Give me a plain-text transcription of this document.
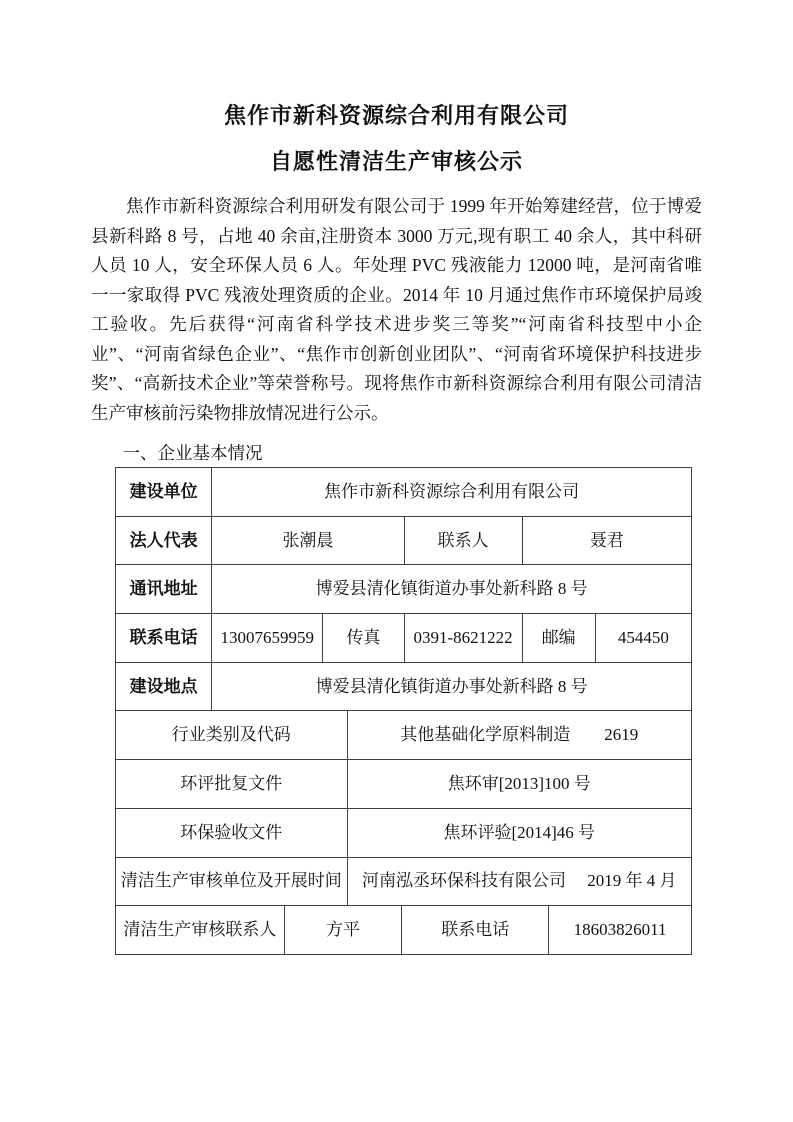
焦作市新科资源综合利用有限公司
自愿性清洁生产审核公示

焦作市新科资源综合利用研发有限公司于 1999 年开始筹建经营，位于博爱县新科路 8 号，占地 40 余亩,注册资本 3000 万元,现有职工 40 余人，其中科研人员 10 人，安全环保人员 6 人。年处理 PVC 残液能力 12000 吨，是河南省唯一一家取得 PVC 残液处理资质的企业。2014 年 10 月通过焦作市环境保护局竣工验收。先后获得“河南省科学技术进步奖三等奖”“河南省科技型中小企业”、“河南省绿色企业”、“焦作市创新创业团队”、“河南省环境保护科技进步奖”、“高新技术企业”等荣誉称号。现将焦作市新科资源综合利用有限公司清洁生产审核前污染物排放情况进行公示。

一、企业基本情况
建设单位	焦作市新科资源综合利用有限公司
法人代表	张潮晨	联系人	聂君
通讯地址	博爱县清化镇街道办事处新科路 8 号
联系电话	13007659959	传真	0391-8621222	邮编	454450
建设地点	博爱县清化镇街道办事处新科路 8 号
行业类别及代码	其他基础化学原料制造　　2619
环评批复文件	焦环审[2013]100 号
环保验收文件	焦环评验[2014]46 号
清洁生产审核单位及开展时间	河南泓丞环保科技有限公司　 2019 年 4 月
清洁生产审核联系人	方平	联系电话	18603826011
